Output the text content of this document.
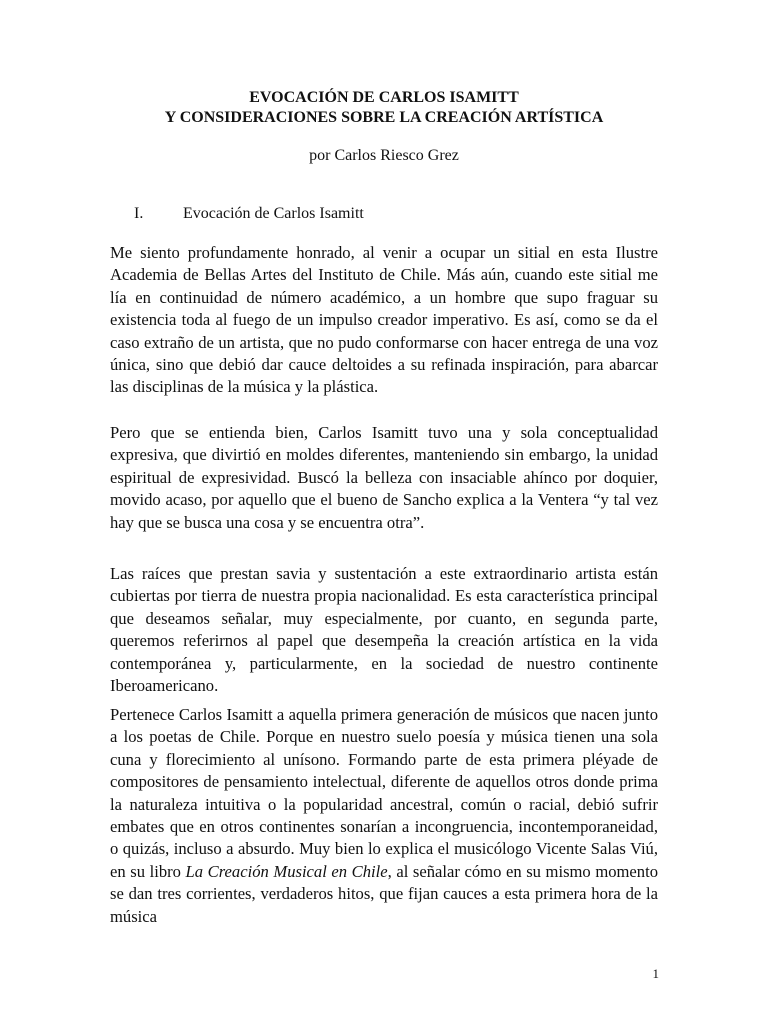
EVOCACIÓN DE CARLOS ISAMITT
Y CONSIDERACIONES SOBRE LA CREACIÓN ARTÍSTICA
por Carlos Riesco Grez
I. Evocación de Carlos Isamitt

Me siento profundamente honrado, al venir a ocupar un sitial en esta Ilustre Academia de Bellas Artes del Instituto de Chile. Más aún, cuando este sitial me lía en continuidad de número académico, a un hombre que supo fraguar su existencia toda al fuego de un impulso creador imperativo. Es así, como se da el caso extraño de un artista, que no pudo conformarse con hacer entrega de una voz única, sino que debió dar cauce deltoides a su refinada inspiración, para abarcar las disciplinas de la música y la plástica.

Pero que se entienda bien, Carlos Isamitt tuvo una y sola conceptualidad expresiva, que divirtió en moldes diferentes, manteniendo sin embargo, la unidad espiritual de expresividad. Buscó la belleza con insaciable ahínco por doquier, movido acaso, por aquello que el bueno de Sancho explica a la Ventera “y tal vez hay que se busca una cosa y se encuentra otra”.

Las raíces que prestan savia y sustentación a este extraordinario artista están cubiertas por tierra de nuestra propia nacionalidad. Es esta característica principal que deseamos señalar, muy especialmente, por cuanto, en segunda parte, queremos referirnos al papel que desempeña la creación artística en la vida contemporánea y, particularmente, en la sociedad de nuestro continente Iberoamericano.

Pertenece Carlos Isamitt a aquella primera generación de músicos que nacen junto a los poetas de Chile. Porque en nuestro suelo poesía y música tienen una sola cuna y florecimiento al unísono. Formando parte de esta primera pléyade de compositores de pensamiento intelectual, diferente de aquellos otros donde prima la naturaleza intuitiva o la popularidad ancestral, común o racial, debió sufrir embates que en otros continentes sonarían a incongruencia, incontemporaneidad, o quizás, incluso a absurdo. Muy bien lo explica el musicólogo Vicente Salas Viú, en su libro La Creación Musical en Chile, al señalar cómo en su mismo momento se dan tres corrientes, verdaderos hitos, que fijan cauces a esta primera hora de la música

1
